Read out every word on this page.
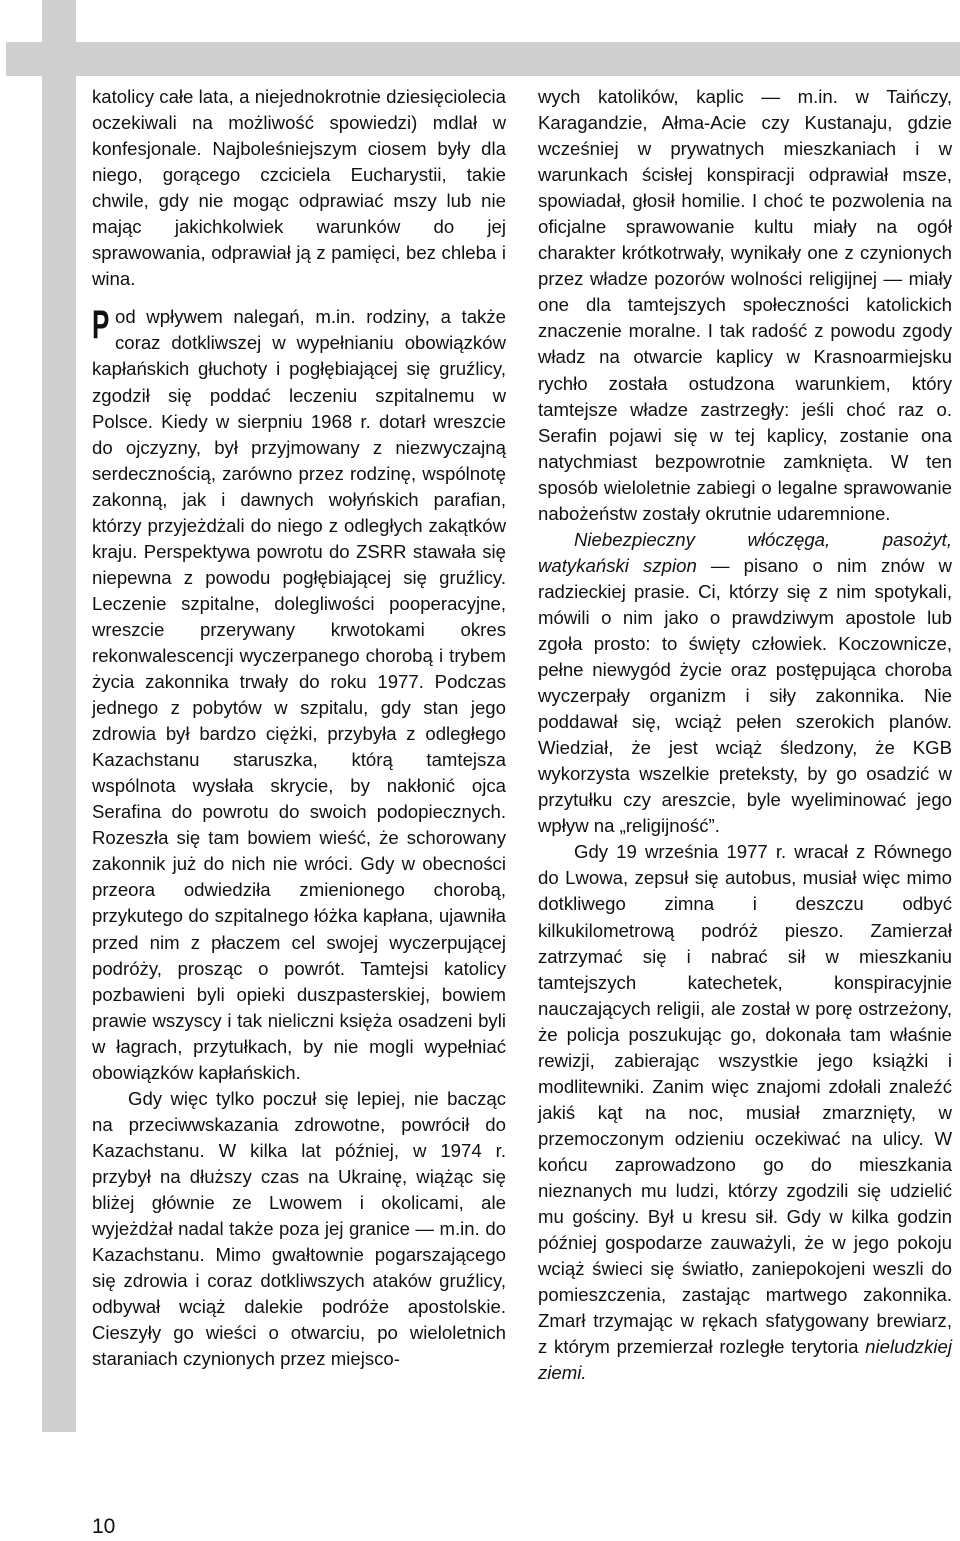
katolicy całe lata, a niejednokrotnie dziesięciolecia oczekiwali na możliwość spowiedzi) mdlał w konfesjonale. Najboleśniejszym ciosem były dla niego, gorącego czciciela Eucharystii, takie chwile, gdy nie mogąc odprawiać mszy lub nie mając jakichkolwiek warunków do jej sprawowania, odprawiał ją z pamięci, bez chleba i wina.

Pod wpływem nalegań, m.in. rodziny, a także coraz dotkliwszej w wypełnianiu obowiązków kapłańskich głuchoty i pogłębiającej się gruźlicy, zgodził się poddać leczeniu szpitalnemu w Polsce. Kiedy w sierpniu 1968 r. dotarł wreszcie do ojczyzny, był przyjmowany z niezwyczajną serdecznością, zarówno przez rodzinę, wspólnotę zakonną, jak i dawnych wołyńskich parafian, którzy przyjeżdżali do niego z odległych zakątków kraju. Perspektywa powrotu do ZSRR stawała się niepewna z powodu pogłębiającej się gruźlicy. Leczenie szpitalne, dolegliwości pooperacyjne, wreszcie przerywany krwotokami okres rekonwalescencji wyczerpanego chorobą i trybem życia zakonnika trwały do roku 1977. Podczas jednego z pobytów w szpitalu, gdy stan jego zdrowia był bardzo ciężki, przybyła z odległego Kazachstanu staruszka, którą tamtejsza wspólnota wysłała skrycie, by nakłonić ojca Serafina do powrotu do swoich podopiecznych. Rozeszła się tam bowiem wieść, że schorowany zakonnik już do nich nie wróci. Gdy w obecności przeora odwiedziła zmienionego chorobą, przykutego do szpitalnego łóżka kapłana, ujawniła przed nim z płaczem cel swojej wyczerpującej podróży, prosząc o powrót. Tamtejsi katolicy pozbawieni byli opieki duszpasterskiej, bowiem prawie wszyscy i tak nieliczni księża osadzeni byli w łagrach, przytułkach, by nie mogli wypełniać obowiązków kapłańskich.

Gdy więc tylko poczuł się lepiej, nie bacząc na przeciwwskazania zdrowotne, powrócił do Kazachstanu. W kilka lat później, w 1974 r. przybył na dłuższy czas na Ukrainę, wiążąc się bliżej głównie ze Lwowem i okolicami, ale wyjeżdżał nadal także poza jej granice — m.in. do Kazachstanu. Mimo gwałtownie pogarszającego się zdrowia i coraz dotkliwszych ataków gruźlicy, odbywał wciąż dalekie podróże apostolskie. Cieszyły go wieści o otwarciu, po wieloletnich staraniach czynionych przez miejsco-

wych katolików, kaplic — m.in. w Taińczy, Karagandzie, Ałma-Acie czy Kustanaju, gdzie wcześniej w prywatnych mieszkaniach i w warunkach ścisłej konspiracji odprawiał msze, spowiadał, głosił homilie. I choć te pozwolenia na oficjalne sprawowanie kultu miały na ogół charakter krótkotrwały, wynikały one z czynionych przez władze pozorów wolności religijnej — miały one dla tamtejszych społeczności katolickich znaczenie moralne. I tak radość z powodu zgody władz na otwarcie kaplicy w Krasnoarmiejsku rychło została ostudzona warunkiem, który tamtejsze władze zastrzegły: jeśli choć raz o. Serafin pojawi się w tej kaplicy, zostanie ona natychmiast bezpowrotnie zamknięta. W ten sposób wieloletnie zabiegi o legalne sprawowanie nabożeństw zostały okrutnie udaremnione.

Niebezpieczny włóczęga, pasożyt, watykański szpion — pisano o nim znów w radzieckiej prasie. Ci, którzy się z nim spotykali, mówili o nim jako o prawdziwym apostole lub zgoła prosto: to święty człowiek. Koczownicze, pełne niewygód życie oraz postępująca choroba wyczerpały organizm i siły zakonnika. Nie poddawał się, wciąż pełen szerokich planów. Wiedział, że jest wciąż śledzony, że KGB wykorzysta wszelkie preteksty, by go osadzić w przytułku czy areszcie, byle wyeliminować jego wpływ na „religijność”.

Gdy 19 września 1977 r. wracał z Równego do Lwowa, zepsuł się autobus, musiał więc mimo dotkliwego zimna i deszczu odbyć kilkukilometrową podróż pieszo. Zamierzał zatrzymać się i nabrać sił w mieszkaniu tamtejszych katechetek, konspiracyjnie nauczających religii, ale został w porę ostrzeżony, że policja poszukując go, dokonała tam właśnie rewizji, zabierając wszystkie jego książki i modlitewniki. Zanim więc znajomi zdołali znaleźć jakiś kąt na noc, musiał zmarznięty, w przemoczonym odzieniu oczekiwać na ulicy. W końcu zaprowadzono go do mieszkania nieznanych mu ludzi, którzy zgodzili się udzielić mu gościny. Był u kresu sił. Gdy w kilka godzin później gospodarze zauważyli, że w jego pokoju wciąż świeci się światło, zaniepokojeni weszli do pomieszczenia, zastając martwego zakonnika. Zmarł trzymając w rękach sfatygowany brewiarz, z którym przemierzał rozległe terytoria nieludzkiej ziemi.

10
